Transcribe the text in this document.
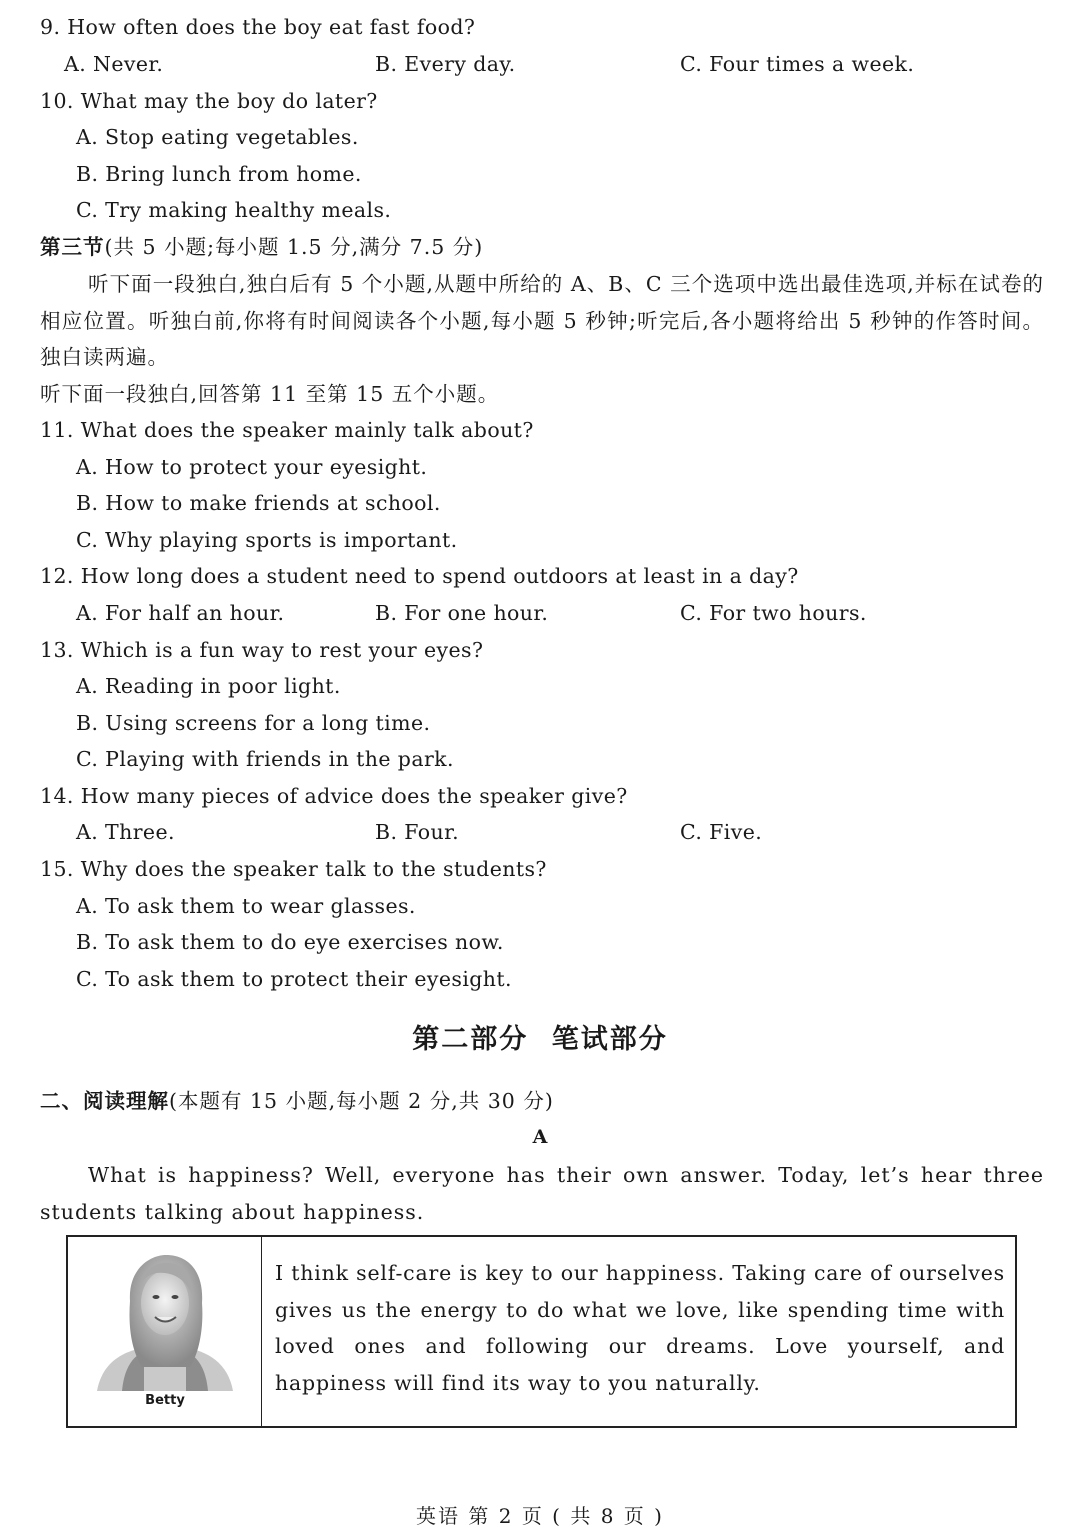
9. How often does the boy eat fast food?
A. Never.	B. Every day.	C. Four times a week.
10. What may the boy do later?
A. Stop eating vegetables.
B. Bring lunch from home.
C. Try making healthy meals.
第三节(共 5 小题;每小题 1.5 分,满分 7.5 分)
听下面一段独白,独白后有 5 个小题,从题中所给的 A、B、C 三个选项中选出最佳选项,并标在试卷的相应位置。听独白前,你将有时间阅读各个小题,每小题 5 秒钟;听完后,各小题将给出 5 秒钟的作答时间。独白读两遍。
听下面一段独白,回答第 11 至第 15 五个小题。
11. What does the speaker mainly talk about?
A. How to protect your eyesight.
B. How to make friends at school.
C. Why playing sports is important.
12. How long does a student need to spend outdoors at least in a day?
A. For half an hour.	B. For one hour.	C. For two hours.
13. Which is a fun way to rest your eyes?
A. Reading in poor light.
B. Using screens for a long time.
C. Playing with friends in the park.
14. How many pieces of advice does the speaker give?
A. Three.	B. Four.	C. Five.
15. Why does the speaker talk to the students?
A. To ask them to wear glasses.
B. To ask them to do eye exercises now.
C. To ask them to protect their eyesight.
第二部分 笔试部分
二、阅读理解(本题有 15 小题,每小题 2 分,共 30 分)
A
What is happiness? Well, everyone has their own answer. Today, let’s hear three students talking about happiness.
Betty
I think self-care is key to our happiness. Taking care of ourselves gives us the energy to do what we love, like spending time with loved ones and following our dreams. Love yourself, and happiness will find its way to you naturally.
英语 第 2 页 ( 共 8 页 )
